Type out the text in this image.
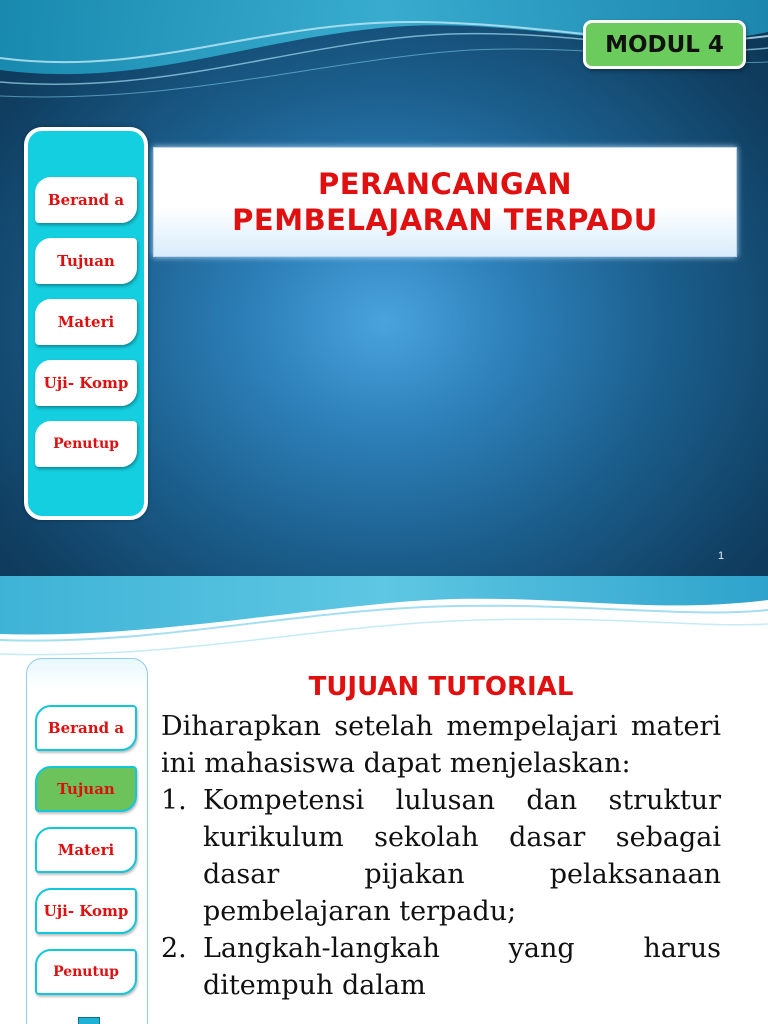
MODUL 4
PERANCANGAN
PEMBELAJARAN TERPADU
Berand a
Tujuan
Materi
Uji- Komp
Penutup
1
Berand a
Tujuan
Materi
Uji- Komp
Penutup
TUJUAN TUTORIAL

Diharapkan setelah mempelajari materi ini mahasiswa dapat menjelaskan:

1. Kompetensi lulusan dan struktur kurikulum sekolah dasar sebagai dasar pijakan pelaksanaan pembelajaran terpadu;
2. Langkah-langkah yang harus ditempuh dalam
